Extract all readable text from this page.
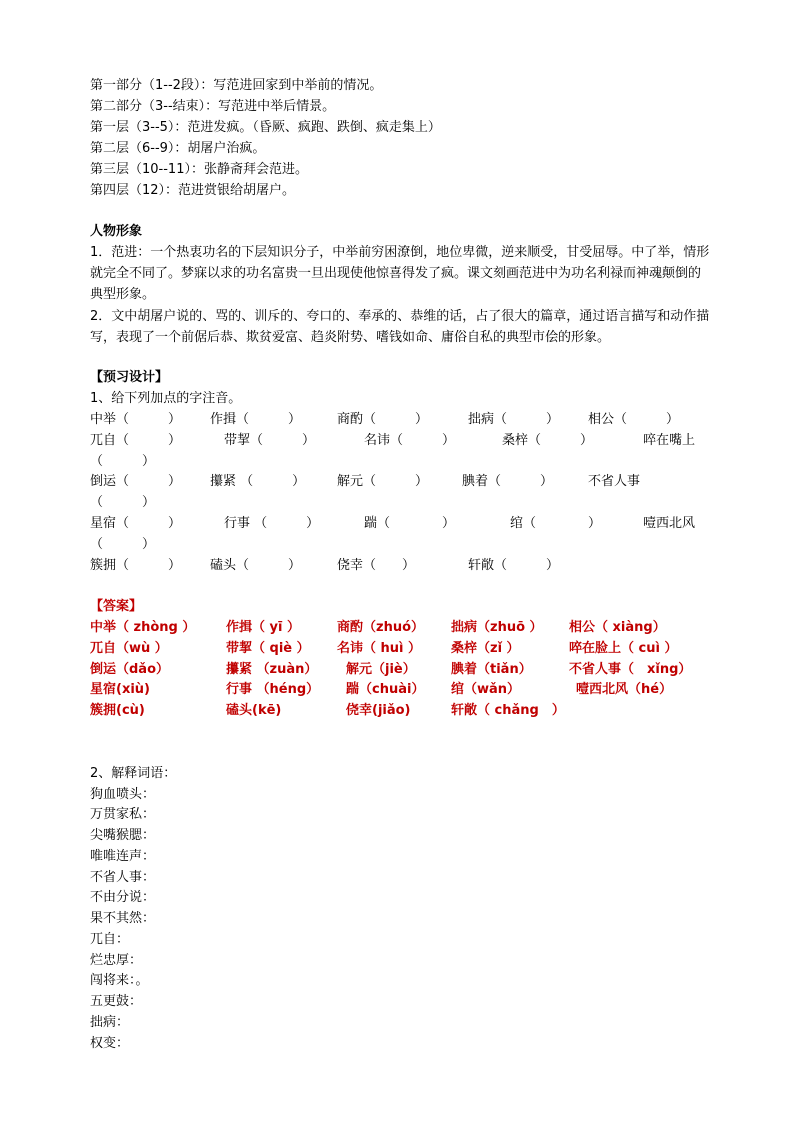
第一部分（1--2段）：写范进回家到中举前的情况。
第二部分（3--结束）：写范进中举后情景。
第一层（3--5）：范进发疯。（昏厥、疯跑、跌倒、疯走集上）
第二层（6--9）：胡屠户治疯。
第三层（10--11）：张静斋拜会范进。
第四层（12）：范进赏银给胡屠户。
人物形象
1．范进：一个热衷功名的下层知识分子，中举前穷困潦倒，地位卑微，逆来顺受，甘受屈辱。中了举，情形就完全不同了。梦寐以求的功名富贵一旦出现使他惊喜得发了疯。课文刻画范进中为功名利禄而神魂颠倒的典型形象。
2．文中胡屠户说的、骂的、训斥的、夸口的、奉承的、恭维的话，占了很大的篇章，通过语言描写和动作描写，表现了一个前倨后恭、欺贫爱富、趋炎附势、嗜钱如命、庸俗自私的典型市侩的形象。
【预习设计】
1、给下列加点的字注音。
中举（　　　） 作揖（　　　）	商酌（　　　）	拙病（　　　） 相公（　　　）
兀自（　　　）	带挈（　　　）	名讳（　　　）	桑梓（　　　）	啐在嘴上
（　　　）
倒运（　　　） 攥紧 （　　　） 解元（　　　）	腆着（　　　）	不省人事
（　　　）
星宿（　　　）	行事 （　　　）	踹（　　　　）	绾（　　　　）	噎西北风
（　　　）
簇拥（　　　） 磕头（　　　）	侥幸（　　）	轩敞（　　　）
【答案】
中举（ zhòng ） 作揖（ yī ）	商酌（zhuó） 拙病（zhuō ） 相公（ xiàng）
兀自（wù ）	带挈（ qiè ） 名讳（ huì ） 桑梓（zǐ ）	啐在脸上（ cuì ）
倒运（dǎo）	攥紧 （zuàn） 解元（jiè）	腆着（tiǎn）	不省人事（　xǐng）
星宿(xiù)	行事 （héng） 踹（chuài） 绾（wǎn）	噎西北风（hé）
簇拥(cù)	磕头(kē)	侥幸(jiǎo)	轩敞（ chǎng　）
2、解释词语：
狗血喷头：
万贯家私：
尖嘴猴腮：
唯唯连声：
不省人事：
不由分说：
果不其然：
兀自：
烂忠厚：
闯将来：。
五更鼓：
拙病：
权变：
